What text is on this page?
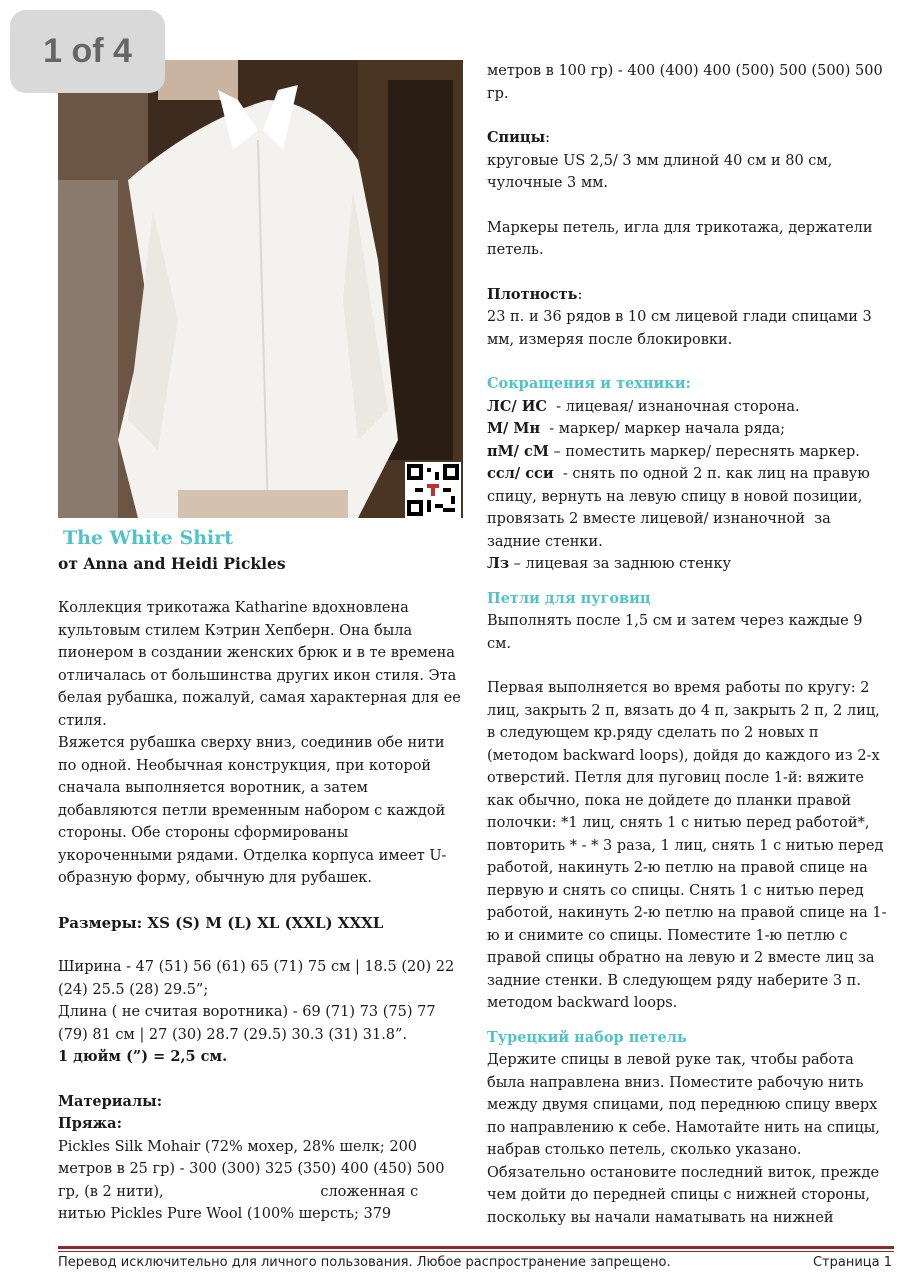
1 of 4
The White Shirt
от Anna and Heidi Pickles

Коллекция трикотажа Katharine вдохновлена культовым стилем Кэтрин Хепберн. Она была пионером в создании женских брюк и в те времена отличалась от большинства других икон стиля. Эта белая рубашка, пожалуй, самая характерная для ее стиля.

Вяжется рубашка сверху вниз, соединив обе нити по одной. Необычная конструкция, при которой сначала выполняется воротник, а затем добавляются петли временным набором с каждой стороны. Обе стороны сформированы укороченными рядами. Отделка корпуса имеет U-образную форму, обычную для рубашек.

Размеры: XS (S) M (L) XL (XXL) XXXL

Ширина - 47 (51) 56 (61) 65 (71) 75 см | 18.5 (20) 22 (24) 25.5 (28) 29.5”;

Длина ( не считая воротника) - 69 (71) 73 (75) 77 (79) 81 см | 27 (30) 28.7 (29.5) 30.3 (31) 31.8”.

1 дюйм (”) = 2,5 см.

Материалы:

Пряжа:

Pickles Silk Mohair (72% мохер, 28% шелк; 200 метров в 25 гр) - 300 (300) 325 (350) 400 (450) 500 гр, (в 2 нити),                                  сложенная с нитью Pickles Pure Wool (100% шерсть; 379

метров в 100 гр) - 400 (400) 400 (500) 500 (500) 500 гр.

Спицы:

круговые US 2,5/ 3 мм длиной 40 см и 80 см, чулочные 3 мм.

Маркеры петель, игла для трикотажа, держатели петель.

Плотность:

23 п. и 36 рядов в 10 см лицевой глади спицами 3 мм, измеряя после блокировки.

Сокращения и техники:

ЛС/ ИС  - лицевая/ изнаночная сторона.

М/ Мн  - маркер/ маркер начала ряда;

пМ/ сМ – поместить маркер/ переснять маркер.

ссл/ сси  - снять по одной 2 п. как лиц на правую спицу, вернуть на левую спицу в новой позиции, провязать 2 вместе лицевой/ изнаночной  за задние стенки.

Лз – лицевая за заднюю стенку

Петли для пуговиц

Выполнять после 1,5 см и затем через каждые 9 см.

Первая выполняется во время работы по кругу: 2 лиц, закрыть 2 п, вязать до 4 п, закрыть 2 п, 2 лиц, в следующем кр.ряду сделать по 2 новых п (методом backward loops), дойдя до каждого из 2-х отверстий. Петля для пуговиц после 1-й: вяжите как обычно, пока не дойдете до планки правой полочки: *1 лиц, снять 1 с нитью перед работой*, повторить * - * 3 раза, 1 лиц, снять 1 с нитью перед работой, накинуть 2-ю петлю на правой спице на первую и снять со спицы. Снять 1 с нитью перед работой, накинуть 2-ю петлю на правой спице на 1-ю и снимите со спицы. Поместите 1-ю петлю с правой спицы обратно на левую и 2 вместе лиц за задние стенки. В следующем ряду наберите 3 п. методом backward loops.

Турецкий набор петель

Держите спицы в левой руке так, чтобы работа была направлена вниз. Поместите рабочую нить между двумя спицами, под переднюю спицу вверх по направлению к себе. Намотайте нить на спицы, набрав столько петель, сколько указано. Обязательно остановите последний виток, прежде чем дойти до передней спицы с нижней стороны, поскольку вы начали наматывать на нижней

Перевод исключительно для личного пользования. Любое распространение запрещено.	Страница 1
